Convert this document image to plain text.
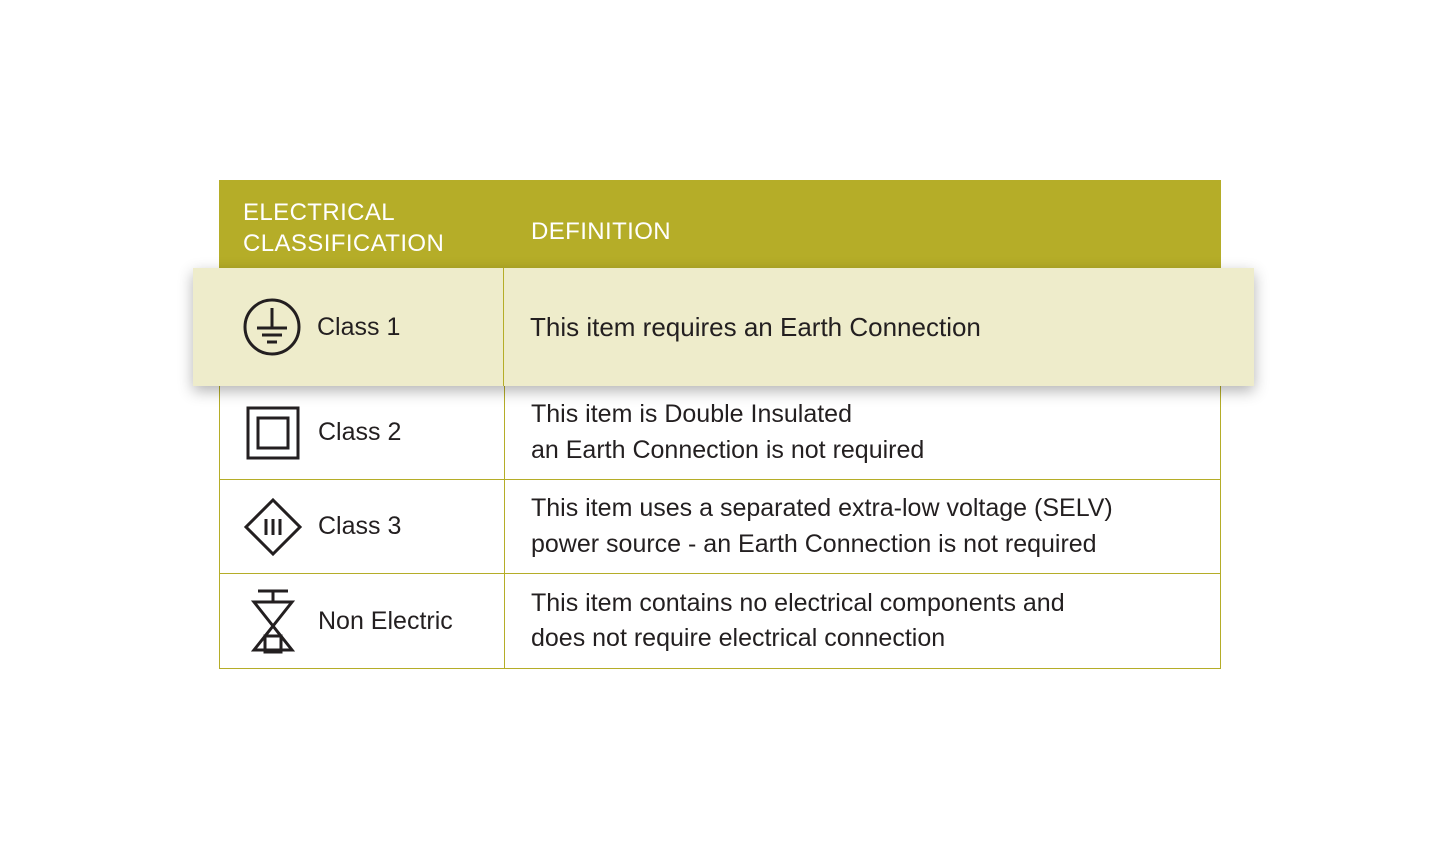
ELECTRICAL
CLASSIFICATION	DEFINITION
Class 2
This item is Double Insulated
an Earth Connection is not required
Class 3
This item uses a separated extra-low voltage (SELV)
power source - an Earth Connection is not required
Non Electric
This item contains no electrical components and
does not require electrical connection
Class 1	This item requires an Earth Connection
